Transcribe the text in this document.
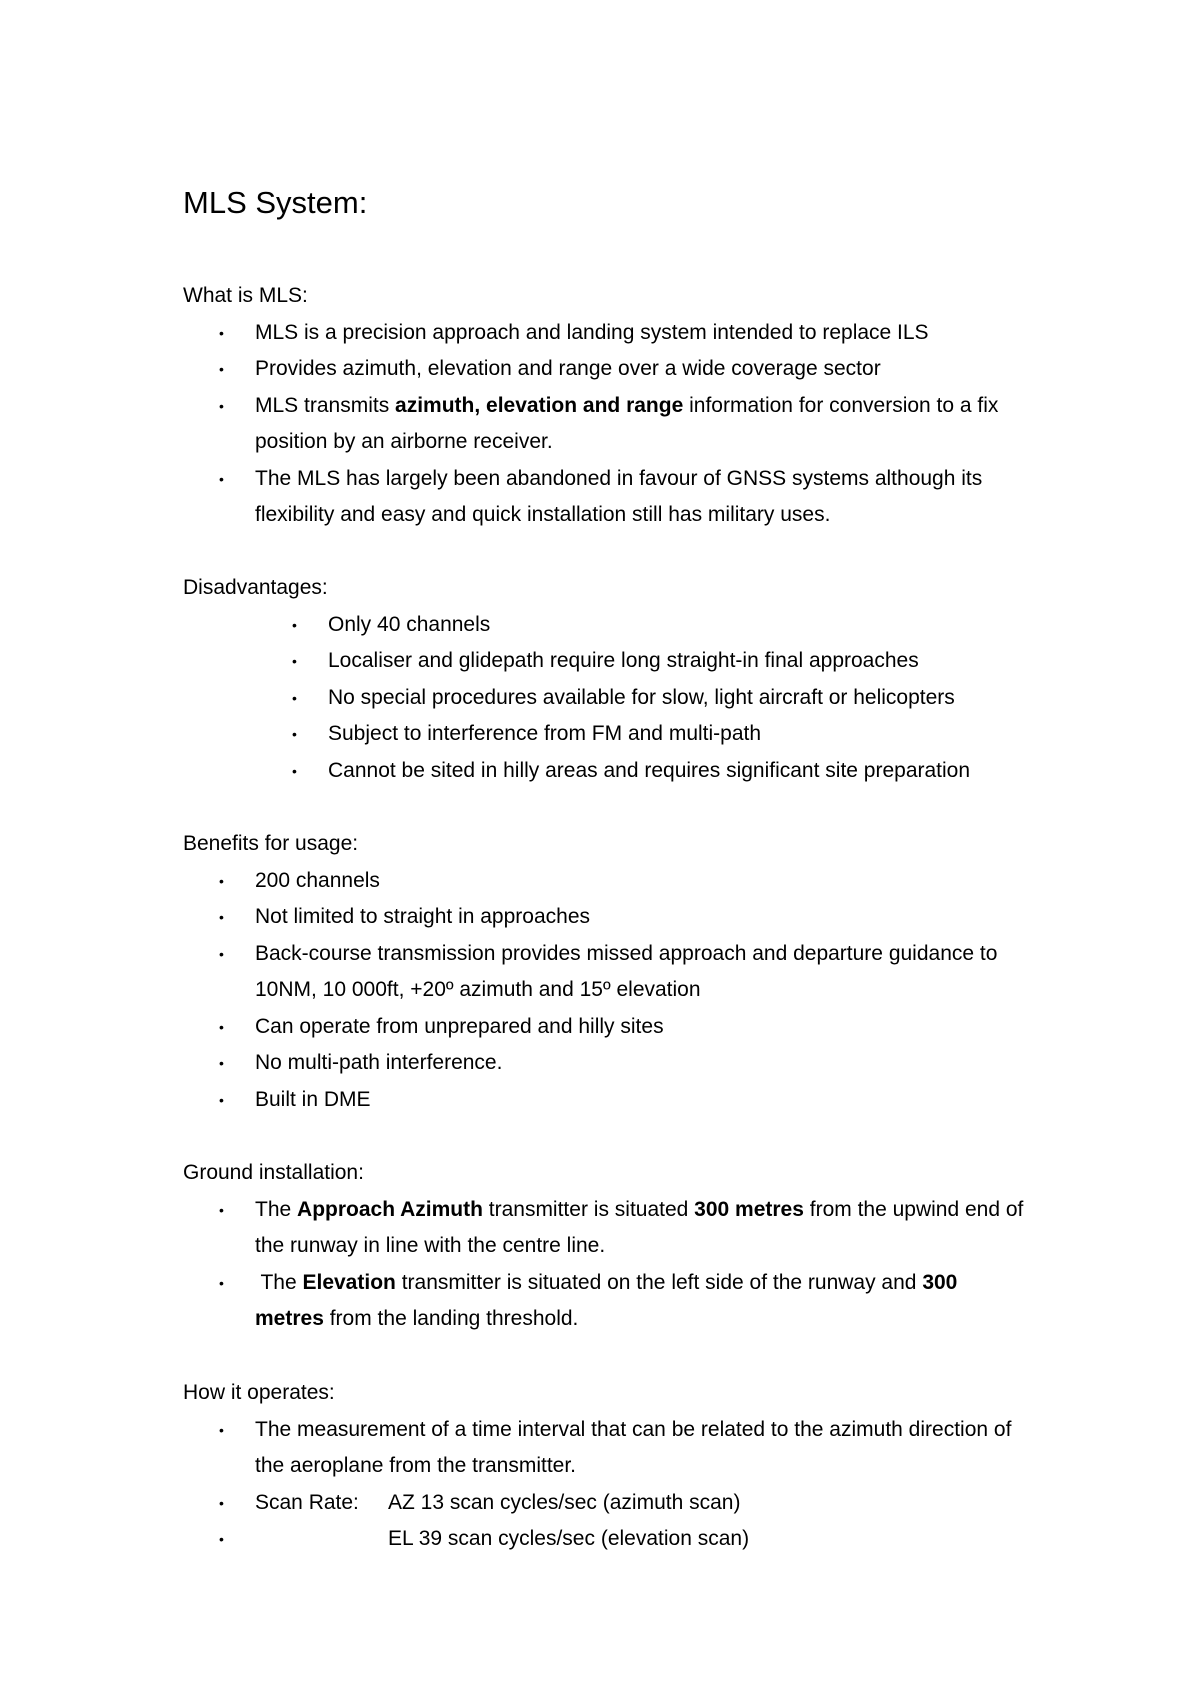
MLS System:
What is MLS:
• MLS is a precision approach and landing system intended to replace ILS
• Provides azimuth, elevation and range over a wide coverage sector
• MLS transmits azimuth, elevation and range information for conversion to a fix position by an airborne receiver.
• The MLS has largely been abandoned in favour of GNSS systems although its flexibility and easy and quick installation still has military uses.
Disadvantages:
• Only 40 channels
• Localiser and glidepath require long straight-in final approaches
• No special procedures available for slow, light aircraft or helicopters
• Subject to interference from FM and multi-path
• Cannot be sited in hilly areas and requires significant site preparation
Benefits for usage:
• 200 channels
• Not limited to straight in approaches
• Back-course transmission provides missed approach and departure guidance to 10NM, 10 000ft, +20º azimuth and 15º elevation
• Can operate from unprepared and hilly sites
• No multi-path interference.
• Built in DME
Ground installation:
• The Approach Azimuth transmitter is situated 300 metres from the upwind end of the runway in line with the centre line.
• The Elevation transmitter is situated on the left side of the runway and 300 metres from the landing threshold.
How it operates:
• The measurement of a time interval that can be related to the azimuth direction of the aeroplane from the transmitter.
• Scan Rate: AZ 13 scan cycles/sec (azimuth scan)
•	EL 39 scan cycles/sec (elevation scan)
